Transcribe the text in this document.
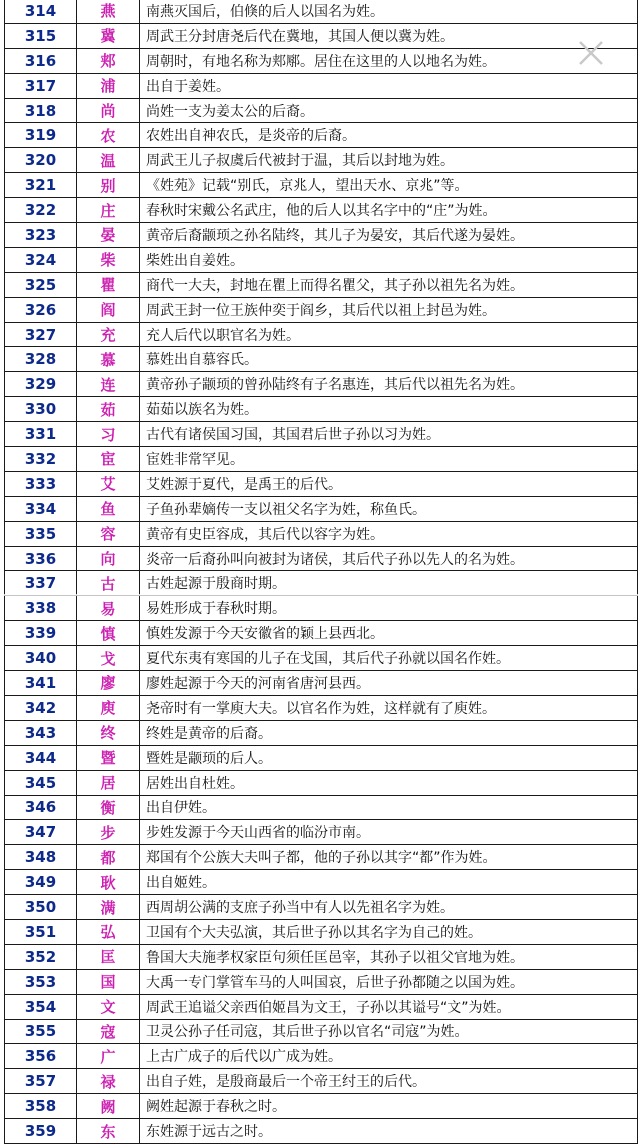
314	燕	南燕灭国后，伯倏的后人以国名为姓。
315	冀	周武王分封唐尧后代在冀地，其国人便以冀为姓。
316	郏	周朝时，有地名称为郏鄏。居住在这里的人以地名为姓。
317	浦	出自于姜姓。
318	尚	尚姓一支为姜太公的后裔。
319	农	农姓出自神农氏，是炎帝的后裔。
320	温	周武王儿子叔虞后代被封于温，其后以封地为姓。
321	别	《姓苑》记载“别氏，京兆人，望出天水、京兆”等。
322	庄	春秋时宋戴公名武庄，他的后人以其名字中的“庄”为姓。
323	晏	黄帝后裔颛顼之孙名陆终，其儿子为晏安，其后代遂为晏姓。
324	柴	柴姓出自姜姓。
325	瞿	商代一大夫，封地在瞿上而得名瞿父，其子孙以祖先名为姓。
326	阎	周武王封一位王族仲奕于阎乡，其后代以祖上封邑为姓。
327	充	充人后代以职官名为姓。
328	慕	慕姓出自慕容氏。
329	连	黄帝孙子颛顼的曾孙陆终有子名惠连，其后代以祖先名为姓。
330	茹	茹茹以族名为姓。
331	习	古代有诸侯国习国，其国君后世子孙以习为姓。
332	宦	宦姓非常罕见。
333	艾	艾姓源于夏代，是禹王的后代。
334	鱼	子鱼孙辈嫡传一支以祖父名字为姓，称鱼氏。
335	容	黄帝有史臣容成，其后代以容字为姓。
336	向	炎帝一后裔孙叫向被封为诸侯，其后代子孙以先人的名为姓。
337	古	古姓起源于殷商时期。
338	易	易姓形成于春秋时期。
339	慎	慎姓发源于今天安徽省的颖上县西北。
340	戈	夏代东夷有寒国的儿子在戈国，其后代子孙就以国名作姓。
341	廖	廖姓起源于今天的河南省唐河县西。
342	庾	尧帝时有一掌庾大夫。以官名作为姓，这样就有了庾姓。
343	终	终姓是黄帝的后裔。
344	暨	暨姓是颛顼的后人。
345	居	居姓出自杜姓。
346	衡	出自伊姓。
347	步	步姓发源于今天山西省的临汾市南。
348	都	郑国有个公族大夫叫子都，他的子孙以其字“都”作为姓。
349	耿	出自姬姓。
350	满	西周胡公满的支庶子孙当中有人以先祖名字为姓。
351	弘	卫国有个大夫弘演，其后世子孙以其名字为自己的姓。
352	匡	鲁国大夫施孝权家臣句须任匡邑宰，其孙子以祖父官地为姓。
353	国	大禹一专门掌管车马的人叫国哀，后世子孙都随之以国为姓。
354	文	周武王追谥父亲西伯姬昌为文王，子孙以其谥号“文”为姓。
355	寇	卫灵公孙子任司寇，其后世子孙以官名“司寇”为姓。
356	广	上古广成子的后代以广成为姓。
357	禄	出自子姓，是殷商最后一个帝王纣王的后代。
358	阙	阙姓起源于春秋之时。
359	东	东姓源于远古之时。
